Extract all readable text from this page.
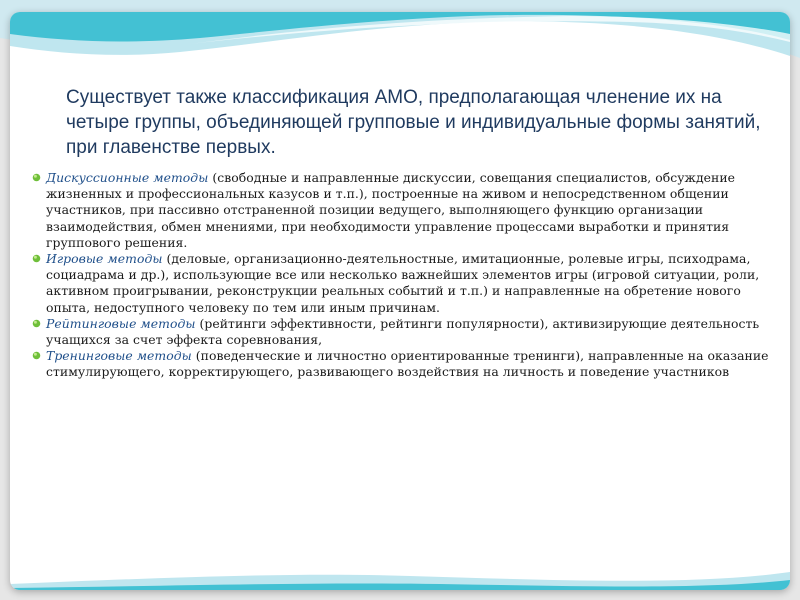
Существует также классификация АМО, предполагающая членение их на четыре группы, объединяющей групповые и индивидуальные формы занятий, при главенстве первых.
Дискуссионные методы (свободные и направленные дискуссии, совещания специалистов, обсуждение жизненных и профессиональных казусов и т.п.), построенные на живом и непосредственном общении участников, при пассивно отстраненной позиции ведущего, выполняющего функцию организации взаимодействия, обмен мнениями, при необходимости управление процессами выработки и принятия группового решения.
Игровые методы (деловые, организационно-деятельностные, имитационные, ролевые игры, психодрама, социадрама и др.), использующие все или несколько важнейших элементов игры (игровой ситуации, роли, активном проигрывании, реконструкции реальных событий и т.п.) и направленные на обретение нового опыта, недоступного человеку по тем или иным причинам.
Рейтинговые методы (рейтинги эффективности, рейтинги популярности), активизирующие деятельность учащихся за счет эффекта соревнования,
Тренинговые методы (поведенческие и личностно ориентированные тренинги), направленные на оказание стимулирующего, корректирующего, развивающего воздействия на личность и поведение участников
